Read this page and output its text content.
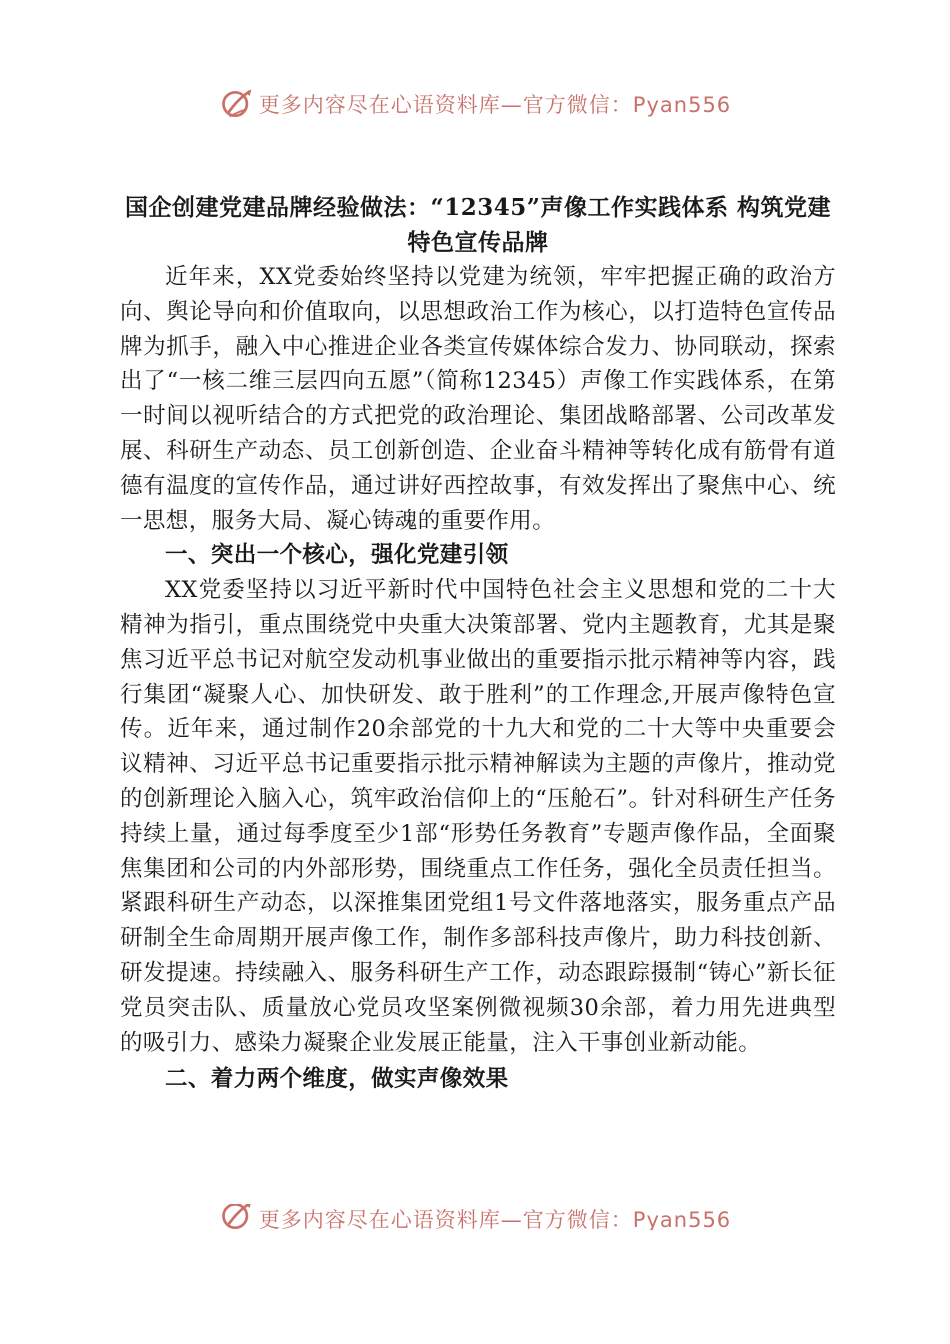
更多内容尽在心语资料库—官方微信：Pyan556
国企创建党建品牌经验做法：“12345”声像工作实践体系 构筑党建特色宣传品牌

近年来，XX党委始终坚持以党建为统领，牢牢把握正确的政治方向、舆论导向和价值取向，以思想政治工作为核心，以打造特色宣传品牌为抓手，融入中心推进企业各类宣传媒体综合发力、协同联动，探索出了“一核二维三层四向五愿”（简称12345）声像工作实践体系，在第一时间以视听结合的方式把党的政治理论、集团战略部署、公司改革发展、科研生产动态、员工创新创造、企业奋斗精神等转化成有筋骨有道德有温度的宣传作品，通过讲好西控故事，有效发挥出了聚焦中心、统一思想，服务大局、凝心铸魂的重要作用。

一、突出一个核心，强化党建引领

XX党委坚持以习近平新时代中国特色社会主义思想和党的二十大精神为指引，重点围绕党中央重大决策部署、党内主题教育，尤其是聚焦习近平总书记对航空发动机事业做出的重要指示批示精神等内容，践行集团“凝聚人心、加快研发、敢于胜利”的工作理念,开展声像特色宣传。近年来，通过制作20余部党的十九大和党的二十大等中央重要会议精神、习近平总书记重要指示批示精神解读为主题的声像片，推动党的创新理论入脑入心，筑牢政治信仰上的“压舱石”。针对科研生产任务持续上量，通过每季度至少1部“形势任务教育”专题声像作品，全面聚焦集团和公司的内外部形势，围绕重点工作任务，强化全员责任担当。紧跟科研生产动态，以深推集团党组1号文件落地落实，服务重点产品研制全生命周期开展声像工作，制作多部科技声像片，助力科技创新、研发提速。持续融入、服务科研生产工作，动态跟踪摄制“铸心”新长征党员突击队、质量放心党员攻坚案例微视频30余部，着力用先进典型的吸引力、感染力凝聚企业发展正能量，注入干事创业新动能。

二、着力两个维度，做实声像效果
更多内容尽在心语资料库—官方微信：Pyan556
